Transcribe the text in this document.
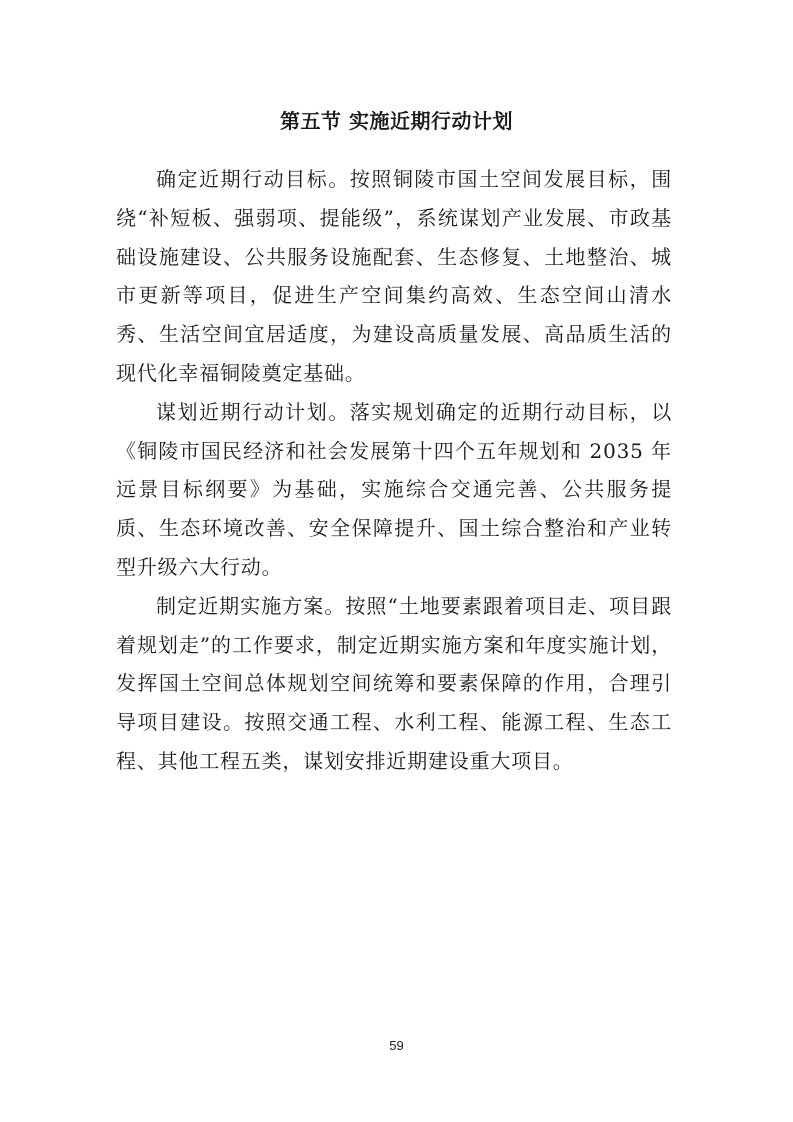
第五节 实施近期行动计划

确定近期行动目标。按照铜陵市国土空间发展目标，围绕“补短板、强弱项、提能级”，系统谋划产业发展、市政基础设施建设、公共服务设施配套、生态修复、土地整治、城市更新等项目，促进生产空间集约高效、生态空间山清水秀、生活空间宜居适度，为建设高质量发展、高品质生活的现代化幸福铜陵奠定基础。

谋划近期行动计划。落实规划确定的近期行动目标，以《铜陵市国民经济和社会发展第十四个五年规划和 2035 年远景目标纲要》为基础，实施综合交通完善、公共服务提质、生态环境改善、安全保障提升、国土综合整治和产业转型升级六大行动。

制定近期实施方案。按照“土地要素跟着项目走、项目跟着规划走”的工作要求，制定近期实施方案和年度实施计划，发挥国土空间总体规划空间统筹和要素保障的作用，合理引导项目建设。按照交通工程、水利工程、能源工程、生态工程、其他工程五类，谋划安排近期建设重大项目。

59
